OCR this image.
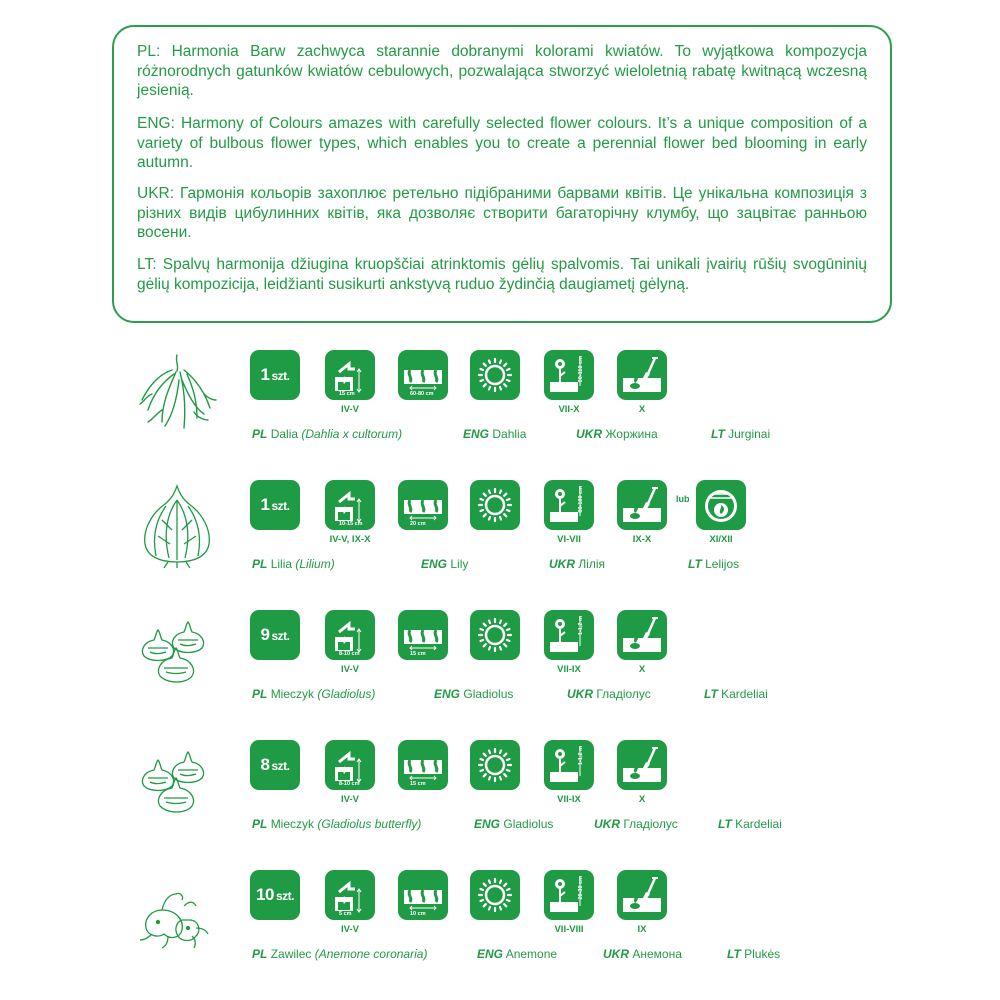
PL: Harmonia Barw zachwyca starannie dobranymi kolorami kwiatów. To wyjątkowa kompozycja różnorodnych gatunków kwiatów cebulowych, pozwalająca stworzyć wieloletnią rabatę kwitnącą wczesną jesienią.

ENG: Harmony of Colours amazes with carefully selected flower colours. It’s a unique composition of a variety of bulbous flower types, which enables you to create a perennial flower bed blooming in early autumn.

UKR: Гармонія кольорів захоплює ретельно підібраними барвами квітів. Це унікальна композиція з різних видів цибулинних квітів, яка дозволяє створити багаторічну клумбу, що зацвітає ранньою восени.

LT: Spalvų harmonija džiugina kruopščiai atrinktomis gėlių spalvomis. Tai unikali įvairių rūšių svogūninių gėlių kompozicija, leidžianti susikurti ankstyvą ruduo žydinčią daugiametį gėlyną.

1 szt.
15 cm
IV-V
60-80 cm
90-110 cm
VII-X	X
PL Dalia (Dahlia x cultorum)	ENG Dahlia	UKR Жоржина	LT Jurginai
1 szt.
10-15 cm
IV-V, IX-X
20 cm
80-100 cm
VI-VII	IX-X
lub
XI/XII
PL Lilia (Lilium)	ENG Lily	UKR Лілія	LT Lelijos
9 szt.
8-10 cm
IV-V
15 cm
1-1,2 m
VII-IX	X
PL Mieczyk (Gladiolus)	ENG Gladiolus	UKR Гладіолус	LT Kardeliai
8 szt.
8-10 cm
IV-V
15 cm
1-1,2 m
VII-IX	X
PL Mieczyk (Gladiolus butterfly)	ENG Gladiolus	UKR Гладіолус	LT Kardeliai
10 szt.
5 cm
IV-V
10 cm
20-30 cm
VII-VIII	IX
PL Zawilec (Anemone coronaria)	ENG Anemone	UKR Анемона	LT Plukės
